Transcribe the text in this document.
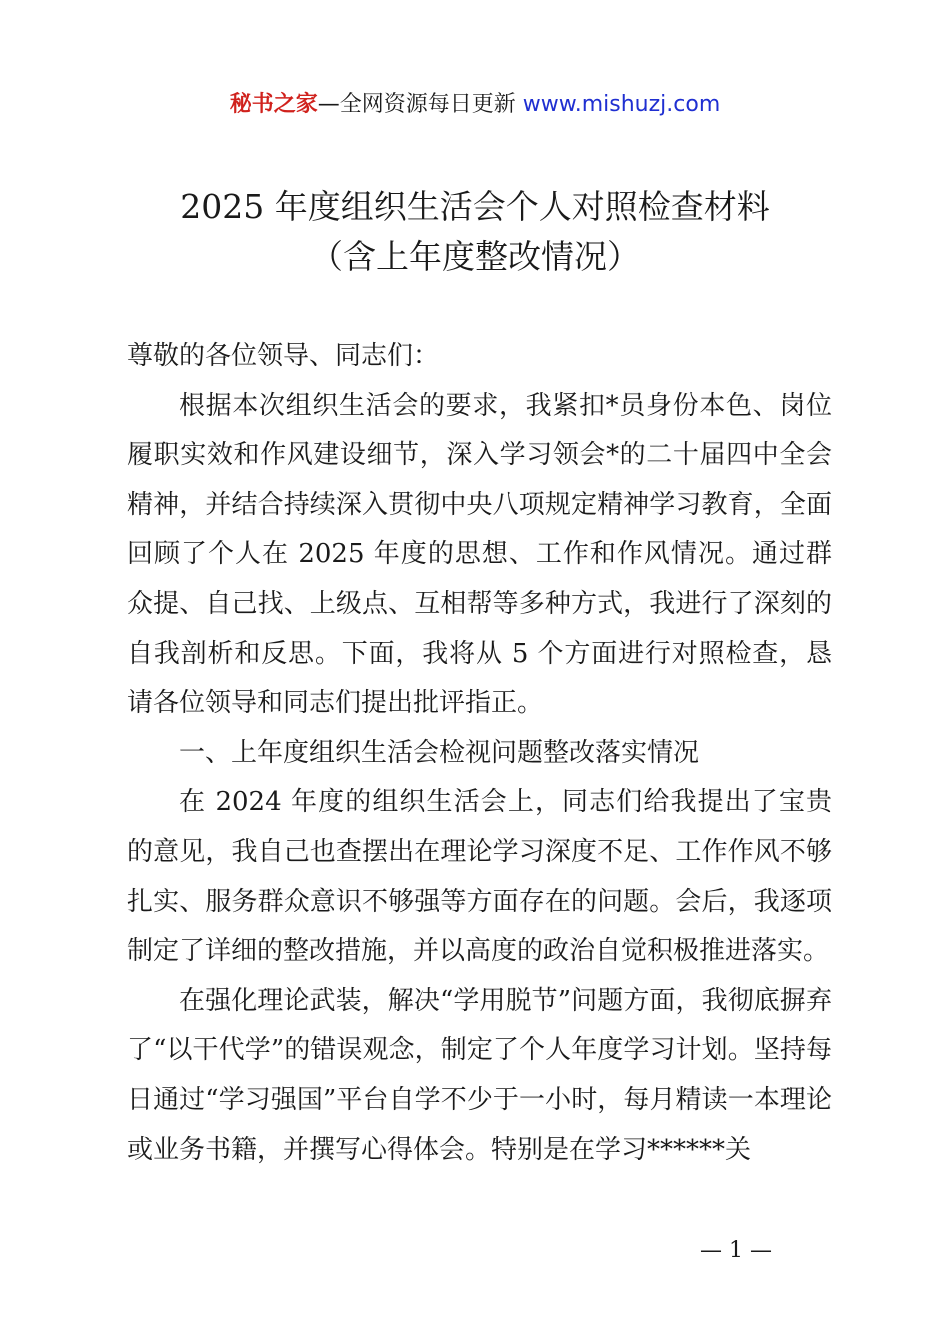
秘书之家—全网资源每日更新 www.mishuzj.com
2025 年度组织生活会个人对照检查材料
（含上年度整改情况）

尊敬的各位领导、同志们：

根据本次组织生活会的要求，我紧扣*员身份本色、岗位履职实效和作风建设细节，深入学习领会*的二十届四中全会精神，并结合持续深入贯彻中央八项规定精神学习教育，全面回顾了个人在 2025 年度的思想、工作和作风情况。通过群众提、自己找、上级点、互相帮等多种方式，我进行了深刻的自我剖析和反思。下面，我将从 5 个方面进行对照检查，恳请各位领导和同志们提出批评指正。

一、上年度组织生活会检视问题整改落实情况

在 2024 年度的组织生活会上，同志们给我提出了宝贵的意见，我自己也查摆出在理论学习深度不足、工作作风不够扎实、服务群众意识不够强等方面存在的问题。会后，我逐项制定了详细的整改措施，并以高度的政治自觉积极推进落实。

在强化理论武装，解决“学用脱节”问题方面，我彻底摒弃了“以干代学”的错误观念，制定了个人年度学习计划。坚持每日通过“学习强国”平台自学不少于一小时，每月精读一本理论或业务书籍，并撰写心得体会。特别是在学习******关

— 1 —
